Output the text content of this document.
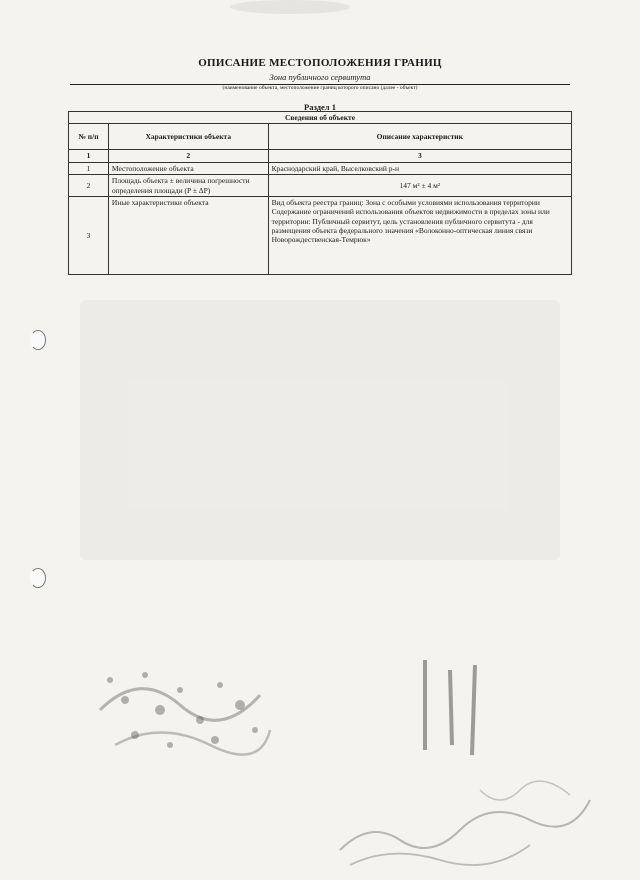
ОПИСАНИЕ МЕСТОПОЛОЖЕНИЯ ГРАНИЦ
Зона публичного сервитута
(наименование объекта, местоположение границ которого описано (далее - объект)
Раздел 1
Сведения об объекте		
№ п/п	Характеристики объекта	Описание характеристик
1	2	3
1	Местоположение объекта	Краснодарский край, Выселковский р-н
2	Площадь объекта ± величина погрешности определения площади (P ± ΔP)	147 м² ± 4 м²
3	Иные характеристики объекта	Вид объекта реестра границ: Зона с особыми условиями использования территории
Содержание ограничений использования объектов недвижимости в пределах зоны или территории: Публичный сервитут, цель установления публичного сервитута - для размещения объекта федерального значения «Волоконно-оптическая линия связи Новорождественская-Темрюк»
